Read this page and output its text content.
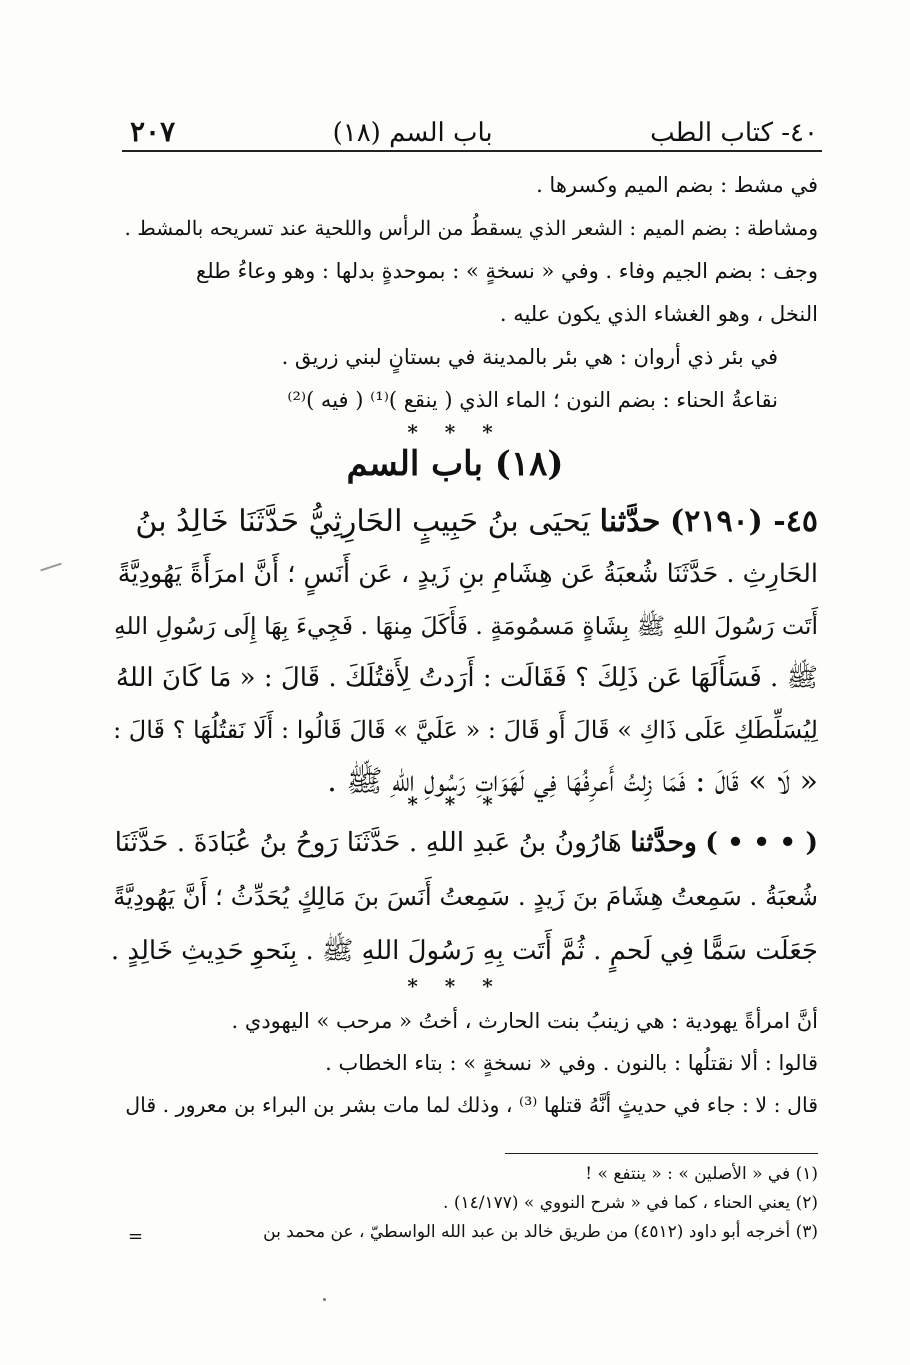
٢٠٧	(١٨) باب السم	٤٠- كتاب الطب
في مشط : بضم الميم وكسرها .
ومشاطة : بضم الميم : الشعر الذي يسقطُ من الرأس واللحية عند تسريحه بالمشط .
وجف : بضم الجيم وفاء . وفي « نسخةٍ » : بموحدةٍ بدلها : وهو وعاءُ طلع
النخل ، وهو الغشاء الذي يكون عليه .
في بئر ذي أروان : هي بئر بالمدينة في بستانٍ لبني زريق .
نقاعةُ الحناء : بضم النون ؛ الماء الذي ( ينقع )⁽¹⁾ ( فيه )⁽²⁾
* * *
(١٨) باب السم
٤٥- (٢١٩٠) حدَّثنا يَحيَى بنُ حَبِيبٍ الحَارِثِيُّ حَدَّثَنَا خَالِدُ بنُ
الحَارِثِ . حَدَّثَنَا شُعبَةُ عَن هِشَامِ بنِ زَيدٍ ، عَن أَنَسٍ ؛ أَنَّ امرَأَةً يَهُودِيَّةً
أَتَت رَسُولَ اللهِ ﷺ بِشَاةٍ مَسمُومَةٍ . فَأَكَلَ مِنهَا . فَجِيءَ بِهَا إِلَى رَسُولِ اللهِ
ﷺ . فَسَأَلَهَا عَن ذَلِكَ ؟ فَقَالَت : أَرَدتُ لِأَقتُلَكَ . قَالَ : « مَا كَانَ اللهُ
لِيُسَلِّطَكِ عَلَى ذَاكِ » قَالَ أَو قَالَ : « عَلَيَّ » قَالَ قَالُوا : أَلَا نَقتُلُهَا ؟ قَالَ :
« لَا » قَالَ : فَمَا زِلتُ أَعرِفُهَا فِي لَهَوَاتِ رَسُولِ اللهِ ﷺ .
* * *
( • • • ) وحدَّثنا هَارُونُ بنُ عَبدِ اللهِ . حَدَّثَنَا رَوحُ بنُ عُبَادَةَ . حَدَّثَنَا
شُعبَةُ . سَمِعتُ هِشَامَ بنَ زَيدٍ . سَمِعتُ أَنَسَ بنَ مَالِكٍ يُحَدِّثُ ؛ أَنَّ يَهُودِيَّةً
جَعَلَت سَمًّا فِي لَحمٍ . ثُمَّ أَتَت بِهِ رَسُولَ اللهِ ﷺ . بِنَحوِ حَدِيثِ خَالِدٍ .
* * *
أنَّ امرأةً يهودية : هي زينبُ بنت الحارث ، أختُ « مرحب » اليهودي .
قالوا : ألا نقتلُها : بالنون . وفي « نسخةٍ » : بتاء الخطاب .
قال : لا : جاء في حديثٍ أنَّهُ قتلها ⁽³⁾ ، وذلك لما مات بشر بن البراء بن معرور . قال
(١) في « الأصلين » : « ينتفع » !
(٢) يعني الحناء ، كما في « شرح النووي » (١٤/١٧٧) .
(٣) أخرجه أبو داود (٤٥١٢) من طريق خالد بن عبد الله الواسطيّ ، عن محمد بن
=
